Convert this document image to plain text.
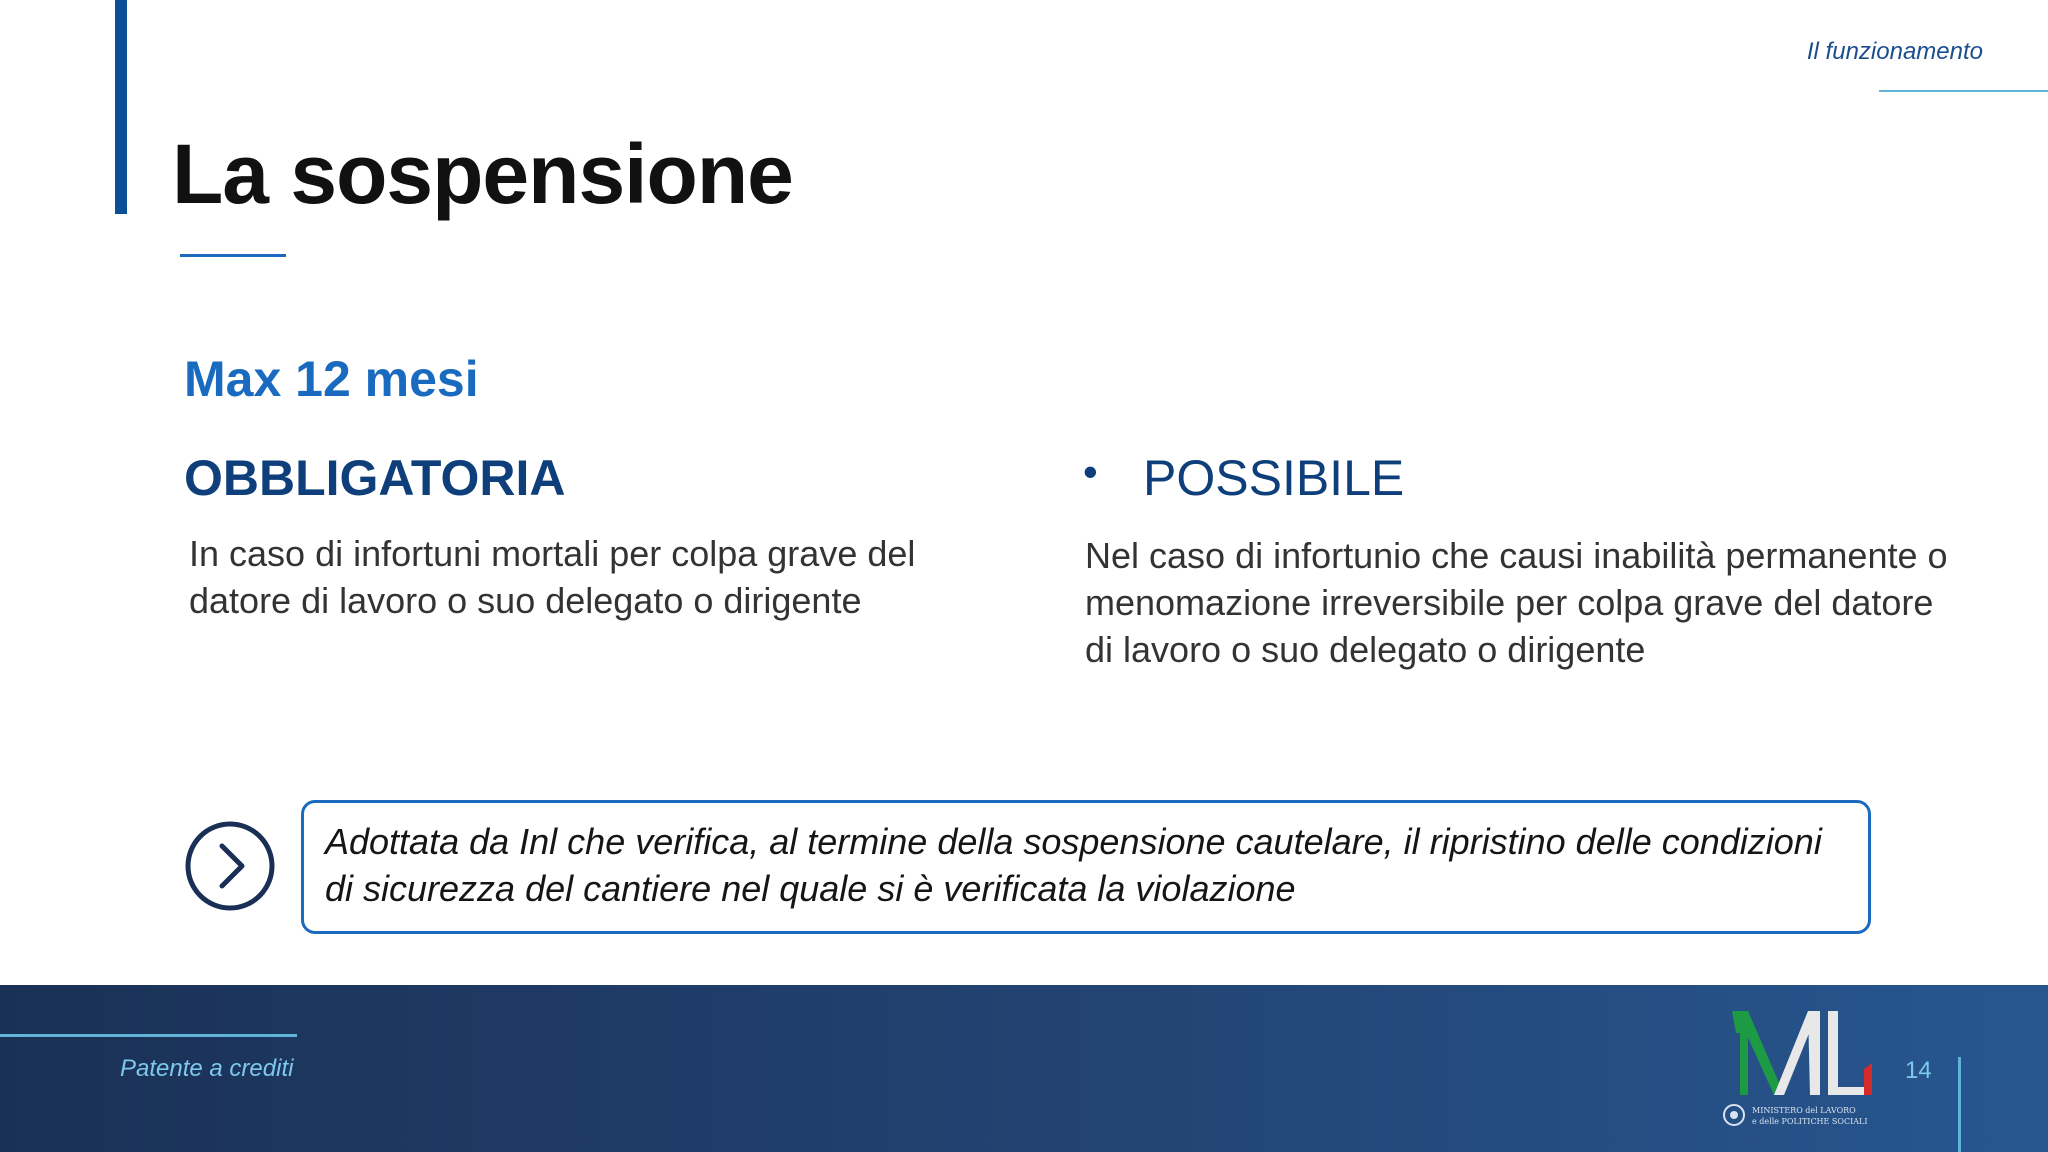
Il funzionamento
La sospensione
Max 12 mesi
OBBLIGATORIA
In caso di infortuni mortali per colpa grave del datore di lavoro o suo delegato o dirigente
• POSSIBILE
Nel caso di infortunio che causi inabilità permanente o menomazione irreversibile per colpa grave del datore di lavoro o suo delegato o dirigente
Adottata da Inl che verifica, al termine della sospensione cautelare, il ripristino delle condizioni di sicurezza del cantiere nel quale si è verificata la violazione
Patente a crediti
MINISTERO del LAVORO
e delle POLITICHE SOCIALI
14
